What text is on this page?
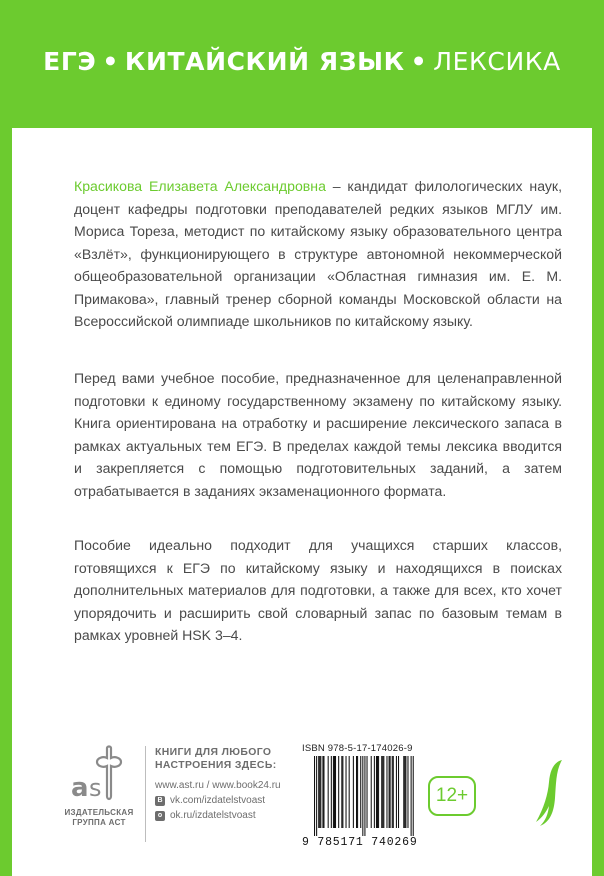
ЕГЭ • КИТАЙСКИЙ ЯЗЫК • ЛЕКСИКА

Красикова Елизавета Александровна – кандидат филологических наук, доцент кафедры подготовки преподавателей редких языков МГЛУ им. Мориса Тореза, методист по китайскому языку образовательного центра «Взлёт», функционирующего в структуре автономной некоммерческой общеобразовательной организации «Областная гимназия им. Е. М. Примакова», главный тренер сборной команды Московской области на Всероссийской олимпиаде школьников по китайскому языку.

Перед вами учебное пособие, предназначенное для целенаправленной подготовки к единому государственному экзамену по китайскому языку. Книга ориентирована на отработку и расширение лексического запаса в рамках актуальных тем ЕГЭ. В пределах каждой темы лексика вводится и закрепляется с помощью подготовительных заданий, а затем отрабатывается в заданиях экзаменационного формата.

Пособие идеально подходит для учащихся старших классов, готовящихся к ЕГЭ по китайскому языку и находящихся в поисках дополнительных материалов для подготовки, а также для всех, кто хочет упорядочить и расширить свой словарный запас по базовым темам в рамках уровней HSK 3–4.

a s
ИЗДАТЕЛЬСКАЯ
ГРУППА АСТ
КНИГИ ДЛЯ ЛЮБОГО
НАСТРОЕНИЯ ЗДЕСЬ:
www.ast.ru / www.book24.ru
B vk.com/izdatelstvoast
o ok.ru/izdatelstvoast
ISBN 978-5-17-174026-9
9 785171 740269
12+
